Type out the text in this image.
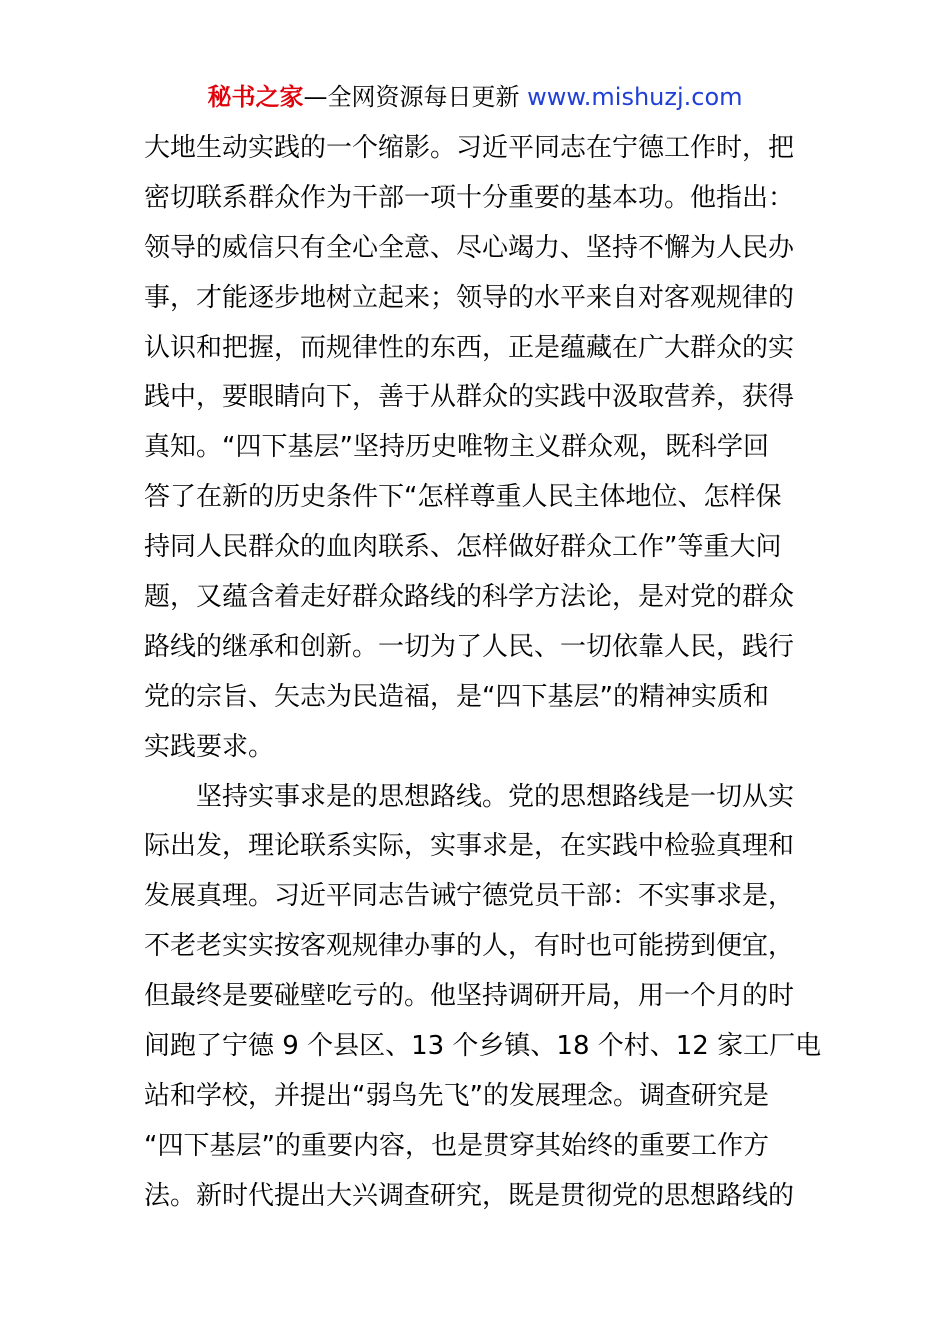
秘书之家—全网资源每日更新 www.mishuzj.com
大地生动实践的一个缩影。习近平同志在宁德工作时，把
密切联系群众作为干部一项十分重要的基本功。他指出：
领导的威信只有全心全意、尽心竭力、坚持不懈为人民办
事，才能逐步地树立起来；领导的水平来自对客观规律的
认识和把握，而规律性的东西，正是蕴藏在广大群众的实
践中，要眼睛向下，善于从群众的实践中汲取营养，获得
真知。“四下基层”坚持历史唯物主义群众观，既科学回
答了在新的历史条件下“怎样尊重人民主体地位、怎样保
持同人民群众的血肉联系、怎样做好群众工作”等重大问
题，又蕴含着走好群众路线的科学方法论，是对党的群众
路线的继承和创新。一切为了人民、一切依靠人民，践行
党的宗旨、矢志为民造福，是“四下基层”的精神实质和
实践要求。
坚持实事求是的思想路线。党的思想路线是一切从实
际出发，理论联系实际，实事求是，在实践中检验真理和
发展真理。习近平同志告诫宁德党员干部：不实事求是，
不老老实实按客观规律办事的人，有时也可能捞到便宜，
但最终是要碰壁吃亏的。他坚持调研开局，用一个月的时
间跑了宁德 9 个县区、13 个乡镇、18 个村、12 家工厂电
站和学校，并提出“弱鸟先飞”的发展理念。调查研究是
“四下基层”的重要内容，也是贯穿其始终的重要工作方
法。新时代提出大兴调查研究，既是贯彻党的思想路线的
